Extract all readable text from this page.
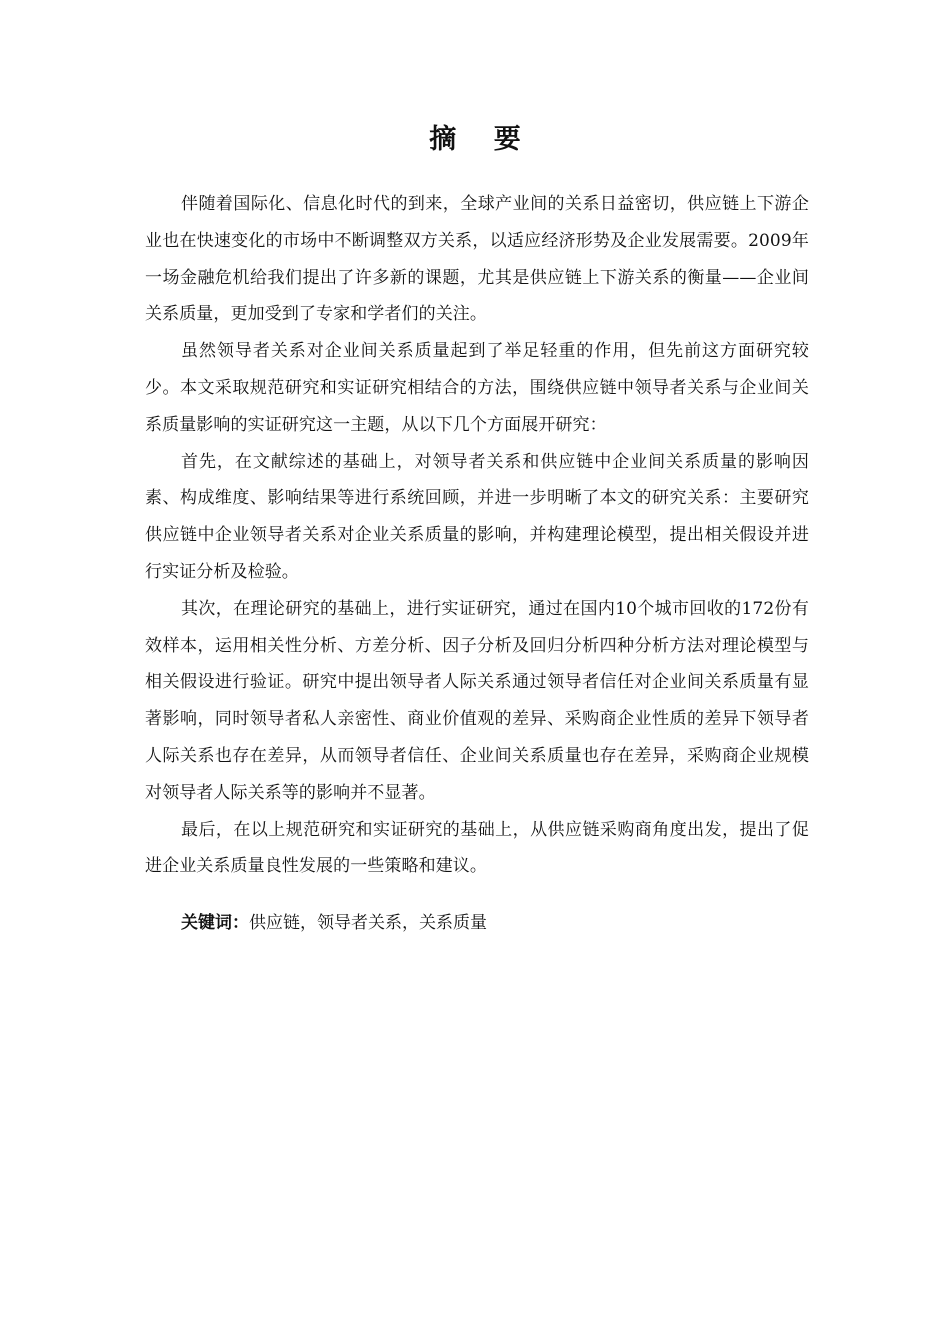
摘 要

伴随着国际化、信息化时代的到来，全球产业间的关系日益密切，供应链上下游企业也在快速变化的市场中不断调整双方关系，以适应经济形势及企业发展需要。2009年一场金融危机给我们提出了许多新的课题，尤其是供应链上下游关系的衡量——企业间关系质量，更加受到了专家和学者们的关注。

虽然领导者关系对企业间关系质量起到了举足轻重的作用，但先前这方面研究较少。本文采取规范研究和实证研究相结合的方法，围绕供应链中领导者关系与企业间关系质量影响的实证研究这一主题，从以下几个方面展开研究：

首先，在文献综述的基础上，对领导者关系和供应链中企业间关系质量的影响因素、构成维度、影响结果等进行系统回顾，并进一步明晰了本文的研究关系：主要研究供应链中企业领导者关系对企业关系质量的影响，并构建理论模型，提出相关假设并进行实证分析及检验。

其次，在理论研究的基础上，进行实证研究，通过在国内10个城市回收的172份有效样本，运用相关性分析、方差分析、因子分析及回归分析四种分析方法对理论模型与相关假设进行验证。研究中提出领导者人际关系通过领导者信任对企业间关系质量有显著影响，同时领导者私人亲密性、商业价值观的差异、采购商企业性质的差异下领导者人际关系也存在差异，从而领导者信任、企业间关系质量也存在差异，采购商企业规模对领导者人际关系等的影响并不显著。

最后，在以上规范研究和实证研究的基础上，从供应链采购商角度出发，提出了促进企业关系质量良性发展的一些策略和建议。

关键词：供应链，领导者关系，关系质量
